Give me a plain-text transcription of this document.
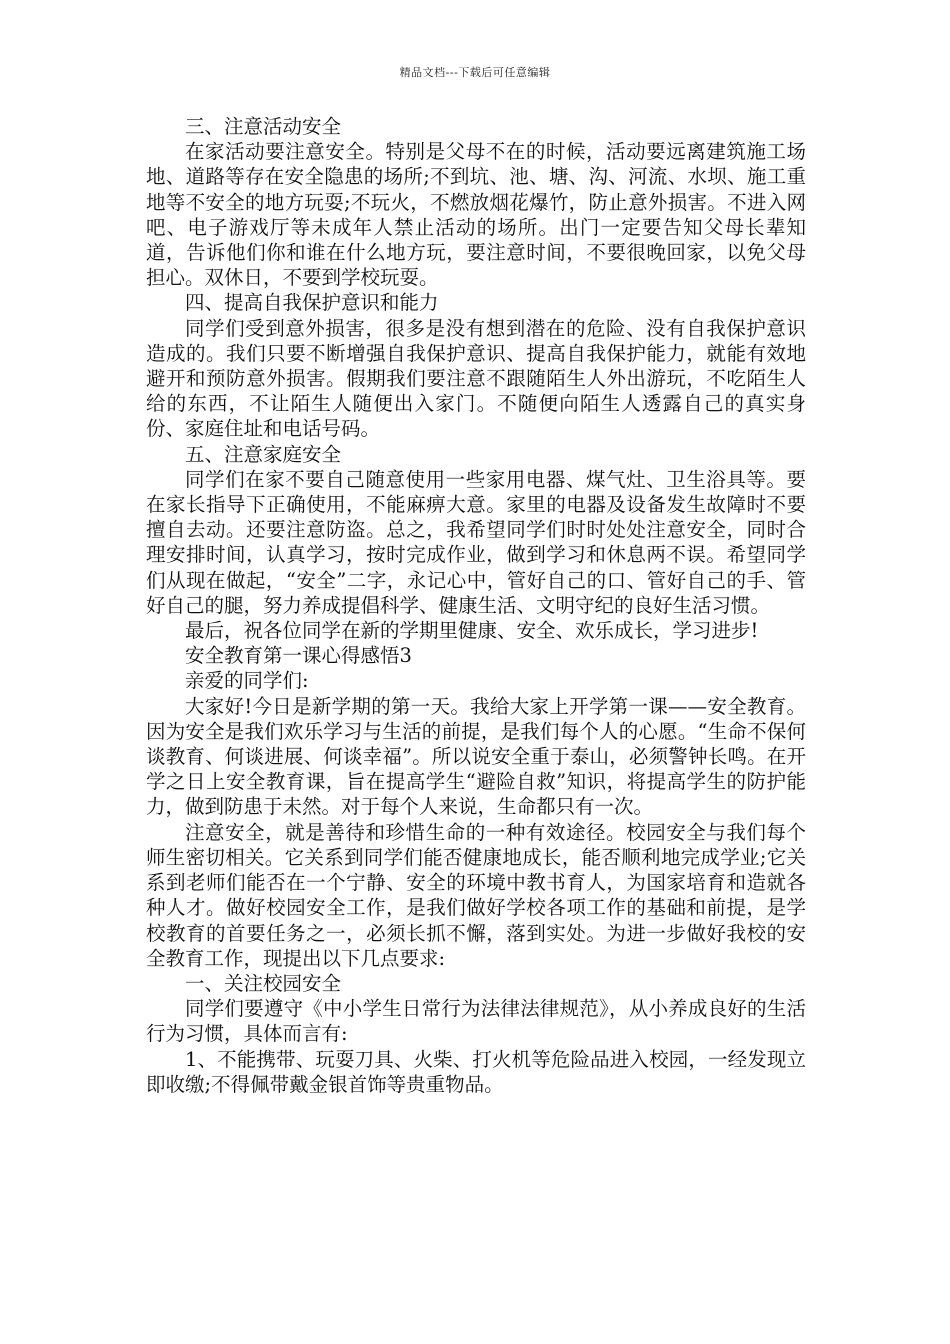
精品文档---下载后可任意编辑

三、注意活动安全

在家活动要注意安全。特别是父母不在的时候，活动要远离建筑施工场地、道路等存在安全隐患的场所;不到坑、池、塘、沟、河流、水坝、施工重地等不安全的地方玩耍;不玩火，不燃放烟花爆竹，防止意外损害。不进入网吧、电子游戏厅等未成年人禁止活动的场所。出门一定要告知父母长辈知道，告诉他们你和谁在什么地方玩，要注意时间，不要很晚回家，以免父母担心。双休日，不要到学校玩耍。

四、提高自我保护意识和能力

同学们受到意外损害，很多是没有想到潜在的危险、没有自我保护意识造成的。我们只要不断增强自我保护意识、提高自我保护能力，就能有效地避开和预防意外损害。假期我们要注意不跟随陌生人外出游玩，不吃陌生人给的东西，不让陌生人随便出入家门。不随便向陌生人透露自己的真实身份、家庭住址和电话号码。

五、注意家庭安全

同学们在家不要自己随意使用一些家用电器、煤气灶、卫生浴具等。要在家长指导下正确使用，不能麻痹大意。家里的电器及设备发生故障时不要擅自去动。还要注意防盗。总之，我希望同学们时时处处注意安全，同时合理安排时间，认真学习，按时完成作业，做到学习和休息两不误。希望同学们从现在做起，“安全”二字，永记心中，管好自己的口、管好自己的手、管好自己的腿，努力养成提倡科学、健康生活、文明守纪的良好生活习惯。

最后，祝各位同学在新的学期里健康、安全、欢乐成长，学习进步!

安全教育第一课心得感悟3

亲爱的同学们:

大家好!今日是新学期的第一天。我给大家上开学第一课——安全教育。因为安全是我们欢乐学习与生活的前提，是我们每个人的心愿。“生命不保何谈教育、何谈进展、何谈幸福”。所以说安全重于泰山，必须警钟长鸣。在开学之日上安全教育课，旨在提高学生“避险自救”知识，将提高学生的防护能力，做到防患于未然。对于每个人来说，生命都只有一次。

注意安全，就是善待和珍惜生命的一种有效途径。校园安全与我们每个师生密切相关。它关系到同学们能否健康地成长，能否顺利地完成学业;它关系到老师们能否在一个宁静、安全的环境中教书育人，为国家培育和造就各种人才。做好校园安全工作，是我们做好学校各项工作的基础和前提，是学校教育的首要任务之一，必须长抓不懈，落到实处。为进一步做好我校的安全教育工作，现提出以下几点要求:

一、关注校园安全

同学们要遵守《中小学生日常行为法律法律规范》，从小养成良好的生活行为习惯，具体而言有:

1、不能携带、玩耍刀具、火柴、打火机等危险品进入校园，一经发现立即收缴;不得佩带戴金银首饰等贵重物品。
